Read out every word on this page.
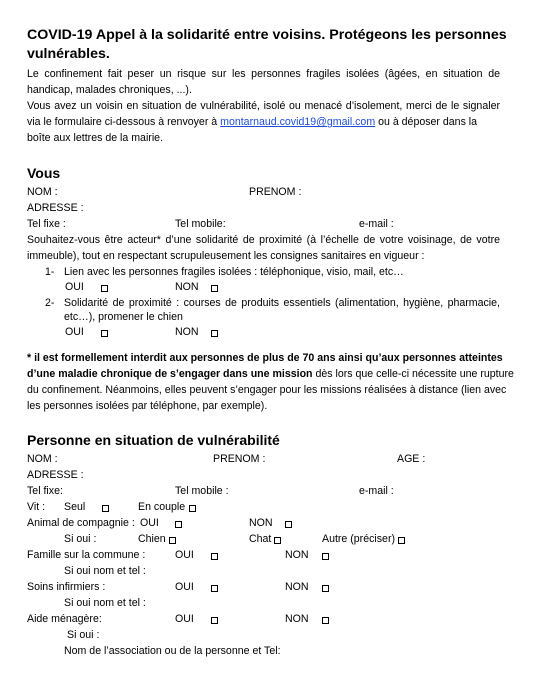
COVID-19 Appel à la solidarité entre voisins. Protégeons les personnes
vulnérables.
Le confinement fait peser un risque sur les personnes fragiles isolées (âgées, en situation de
handicap, malades chroniques, ...).
Vous avez un voisin en situation de vulnérabilité, isolé ou menacé d’isolement, merci de le signaler
via le formulaire ci-dessous à renvoyer à montarnaud.covid19@gmail.com ou à déposer dans la
boîte aux lettres de la mairie.
Vous
NOM :	PRENOM :
ADRESSE :
Tel fixe :	Tel mobile:	e-mail :
Souhaitez-vous être acteur* d’une solidarité de proximité (à l’échelle de votre voisinage, de votre
immeuble), tout en respectant scrupuleusement les consignes sanitaires en vigueur :
1- Lien avec les personnes fragiles isolées : téléphonique, visio, mail, etc…
OUI	NON
2- Solidarité de proximité : courses de produits essentiels (alimentation, hygiène, pharmacie,
etc…), promener le chien
OUI	NON
* il est formellement interdit aux personnes de plus de 70 ans ainsi qu’aux personnes atteintes
d’une maladie chronique de s’engager dans une mission dès lors que celle-ci nécessite une rupture
du confinement. Néanmoins, elles peuvent s’engager pour les missions réalisées à distance (lien avec
les personnes isolées par téléphone, par exemple).
Personne en situation de vulnérabilité
NOM :	PRENOM :	AGE :
ADRESSE :
Tel fixe:	Tel mobile :	e-mail :
Vit : Seul	En couple
Animal de compagnie : OUI	NON
Si oui :	Chien	Chat	Autre (préciser)
Famille sur la commune :	OUI	NON
Si oui nom et tel :
Soins infirmiers :	OUI	NON
Si oui nom et tel :
Aide ménagère:	OUI	NON
Si oui :
Nom de l’association ou de la personne et Tel:
